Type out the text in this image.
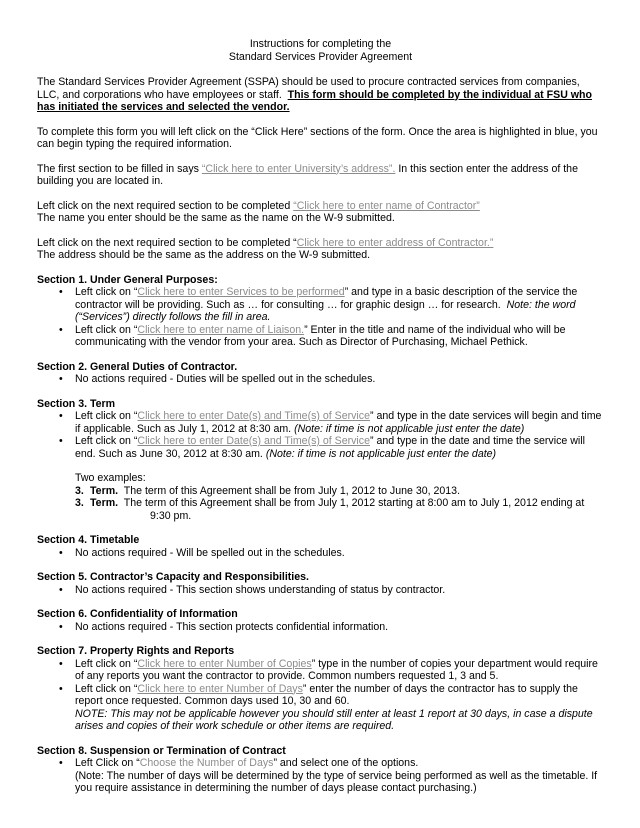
Instructions for completing the
Standard Services Provider Agreement

The Standard Services Provider Agreement (SSPA) should be used to procure contracted services from companies, LLC, and corporations who have employees or staff. This form should be completed by the individual at FSU who has initiated the services and selected the vendor.

To complete this form you will left click on the “Click Here” sections of the form. Once the area is highlighted in blue, you can begin typing the required information.

The first section to be filled in says “Click here to enter University’s address”. In this section enter the address of the building you are located in.

Left click on the next required section to be completed “Click here to enter name of Contractor”
The name you enter should be the same as the name on the W-9 submitted.

Left click on the next required section to be completed “Click here to enter address of Contractor.”
The address should be the same as the address on the W-9 submitted.

Section 1. Under General Purposes:
• Left click on “Click here to enter Services to be performed” and type in a basic description of the service the contractor will be providing. Such as … for consulting … for graphic design … for research. Note: the word (“Services”) directly follows the fill in area.
• Left click on “Click here to enter name of Liaison.” Enter in the title and name of the individual who will be communicating with the vendor from your area. Such as Director of Purchasing, Michael Pethick.
Section 2. General Duties of Contractor.
• No actions required - Duties will be spelled out in the schedules.
Section 3. Term
• Left click on “Click here to enter Date(s) and Time(s) of Service” and type in the date services will begin and time if applicable. Such as July 1, 2012 at 8:30 am. (Note: if time is not applicable just enter the date)
• Left click on “Click here to enter Date(s) and Time(s) of Service” and type in the date and time the service will end. Such as June 30, 2012 at 8:30 am. (Note: if time is not applicable just enter the date)
Two examples:
3. Term. The term of this Agreement shall be from July 1, 2012 to June 30, 2013.
3. Term. The term of this Agreement shall be from July 1, 2012 starting at 8:00 am to July 1, 2012 ending at
9:30 pm.
Section 4. Timetable
• No actions required - Will be spelled out in the schedules.
Section 5. Contractor’s Capacity and Responsibilities.
• No actions required - This section shows understanding of status by contractor.
Section 6. Confidentiality of Information
• No actions required - This section protects confidential information.
Section 7. Property Rights and Reports
• Left click on “Click here to enter Number of Copies” type in the number of copies your department would require of any reports you want the contractor to provide. Common numbers requested 1, 3 and 5.
• Left click on “Click here to enter Number of Days” enter the number of days the contractor has to supply the report once requested. Common days used 10, 30 and 60.
NOTE: This may not be applicable however you should still enter at least 1 report at 30 days, in case a dispute arises and copies of their work schedule or other items are required.
Section 8. Suspension or Termination of Contract
• Left Click on “Choose the Number of Days” and select one of the options.
(Note: The number of days will be determined by the type of service being performed as well as the timetable. If you require assistance in determining the number of days please contact purchasing.)
